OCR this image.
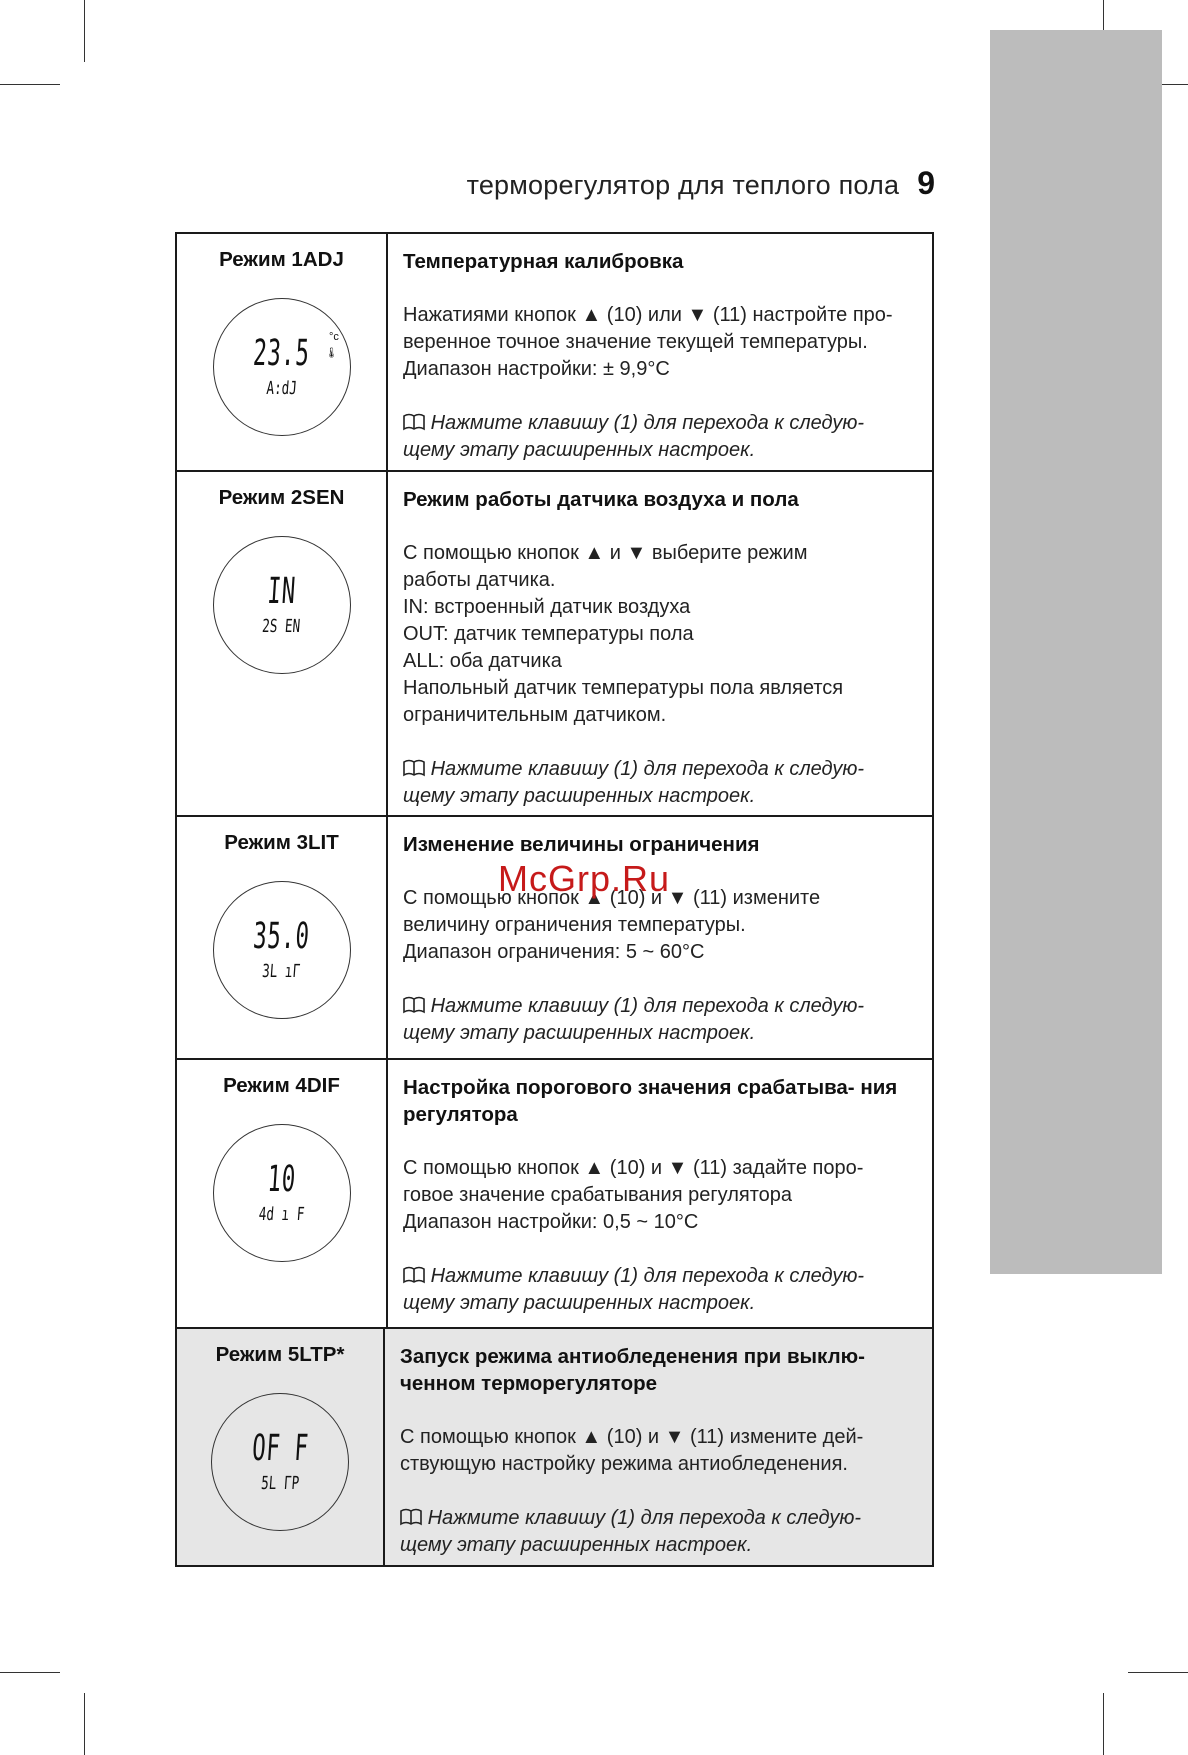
терморегулятор для теплого пола 9
Режим 1ADJ
23.5 °c
🌡
A:dJ
Температурная калибровка
Нажатиями кнопок ▲ (10) или ▼ (11) настройте про-
веренное точное значение текущей температуры.
Диапазон настройки: ± 9,9°C
Нажмите клавишу (1) для перехода к следую-
щему этапу расширенных настроек.
Режим 2SEN
IN
2S EN
Режим работы датчика воздуха и пола
С помощью кнопок ▲ и ▼ выберите режим
работы датчика.
IN: встроенный датчик воздуха
OUT: датчик температуры пола
ALL: оба датчика
Напольный датчик температуры пола является
ограничительным датчиком.
Нажмите клавишу (1) для перехода к следую-
щему этапу расширенных настроек.
Режим 3LIT
35.0
3L ıΓ
Изменение величины ограничения
С помощью кнопок ▲ (10) и ▼ (11) измените
величину ограничения температуры.
Диапазон ограничения: 5 ~ 60°C
Нажмите клавишу (1) для перехода к следую-
щему этапу расширенных настроек.
Режим 4DIF
10
4d ı F
Настройка порогового значения срабатыва- ния регулятора
С помощью кнопок ▲ (10) и ▼ (11) задайте поро-
говое значение срабатывания регулятора
Диапазон настройки: 0,5 ~ 10°C
Нажмите клавишу (1) для перехода к следую-
щему этапу расширенных настроек.
Режим 5LTP*
OF F
5L ΓP
Запуск режима антиобледенения при выклю- ченном терморегуляторе
С помощью кнопок ▲ (10) и ▼ (11) измените дей-
ствующую настройку режима антиобледенения.
Нажмите клавишу (1) для перехода к следую-
щему этапу расширенных настроек.
McGrp.Ru
